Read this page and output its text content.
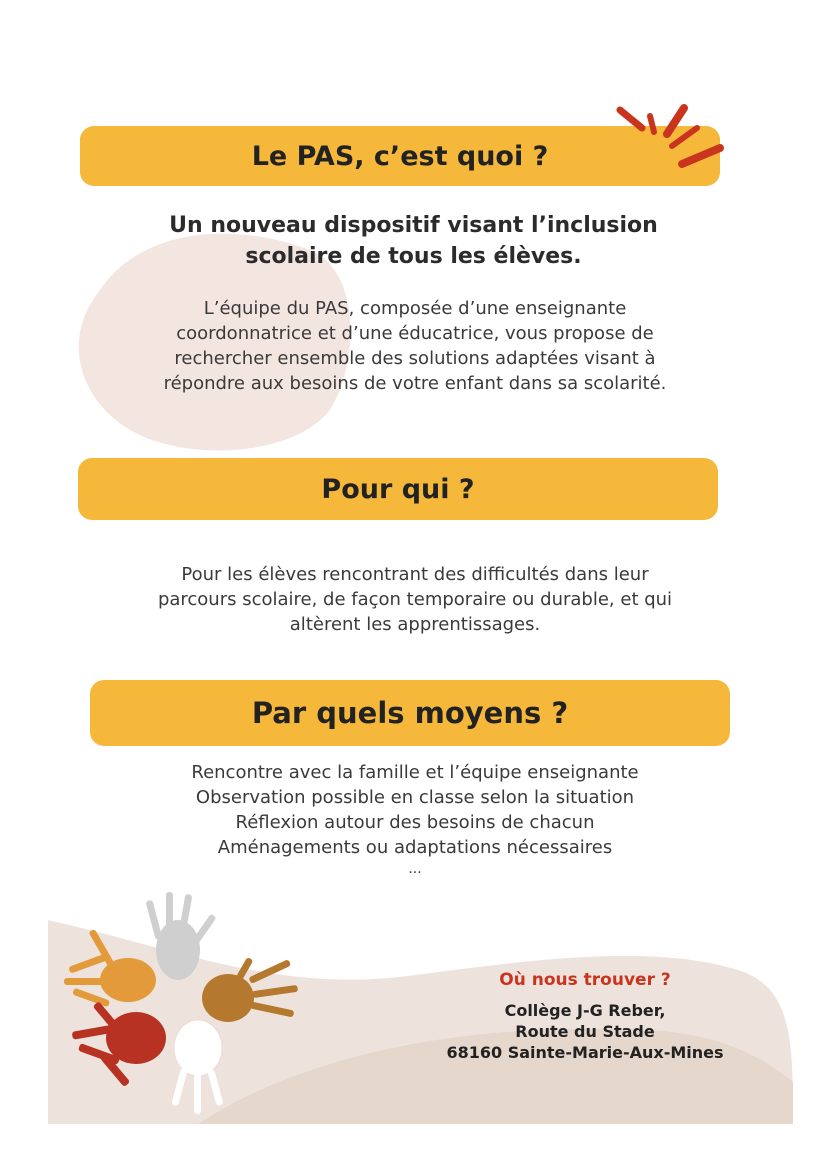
Le PAS, c’est quoi ?
Un nouveau dispositif visant l’inclusion
scolaire de tous les élèves.
L’équipe du PAS, composée d’une enseignante
coordonnatrice et d’une éducatrice, vous propose de
rechercher ensemble des solutions adaptées visant à
répondre aux besoins de votre enfant dans sa scolarité.
Pour qui ?
Pour les élèves rencontrant des difficultés dans leur
parcours scolaire, de façon temporaire ou durable, et qui
altèrent les apprentissages.
Par quels moyens ?
Rencontre avec la famille et l’équipe enseignante
Observation possible en classe selon la situation
Réflexion autour des besoins de chacun
Aménagements ou adaptations nécessaires
...
Où nous trouver ?
Collège J-G Reber,
Route du Stade
68160 Sainte-Marie-Aux-Mines
